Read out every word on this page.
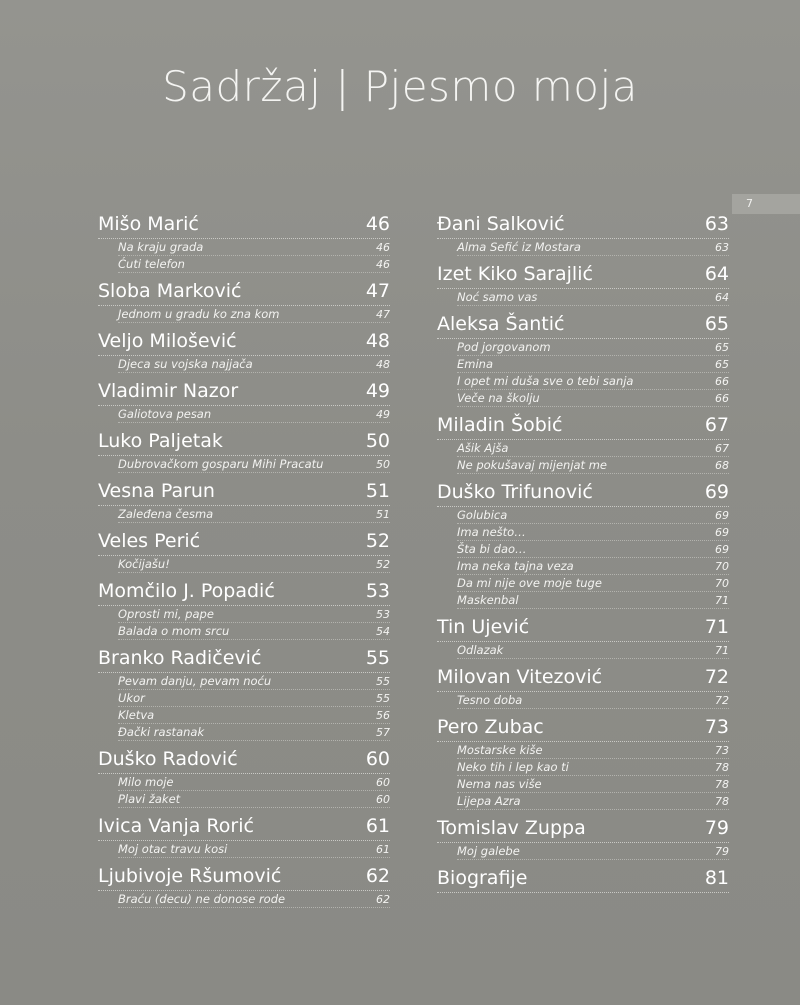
Sadržaj | Pjesmo moja
7
Mišo Marić	46
Na kraju grada	46
Ćuti telefon	46
Sloba Marković	47
Jednom u gradu ko zna kom	47
Veljo Milošević	48
Djeca su vojska najjača	48
Vladimir Nazor	49
Galiotova pesan	49
Luko Paljetak	50
Dubrovačkom gosparu Mihi Pracatu	50
Vesna Parun	51
Zaleđena česma	51
Veles Perić	52
Kočijašu!	52
Momčilo J. Popadić	53
Oprosti mi, pape	53
Balada o mom srcu	54
Branko Radičević	55
Pevam danju, pevam noću	55
Ukor	55
Kletva	56
Đački rastanak	57
Duško Radović	60
Milo moje	60
Plavi žaket	60
Ivica Vanja Rorić	61
Moj otac travu kosi	61
Ljubivoje Ršumović	62
Braću (decu) ne donose rode	62
Đani Salković	63
Alma Sefić iz Mostara	63
Izet Kiko Sarajlić	64
Noć samo vas	64
Aleksa Šantić	65
Pod jorgovanom	65
Emina	65
I opet mi duša sve o tebi sanja	66
Veče na školju	66
Miladin Šobić	67
Ašik Ajša	67
Ne pokušavaj mijenjat me	68
Duško Trifunović	69
Golubica	69
Ima nešto…	69
Šta bi dao…	69
Ima neka tajna veza	70
Da mi nije ove moje tuge	70
Maskenbal	71
Tin Ujević	71
Odlazak	71
Milovan Vitezović	72
Tesno doba	72
Pero Zubac	73
Mostarske kiše	73
Neko tih i lep kao ti	78
Nema nas više	78
Lijepa Azra	78
Tomislav Zuppa	79
Moj galebe	79
Biografije	81
